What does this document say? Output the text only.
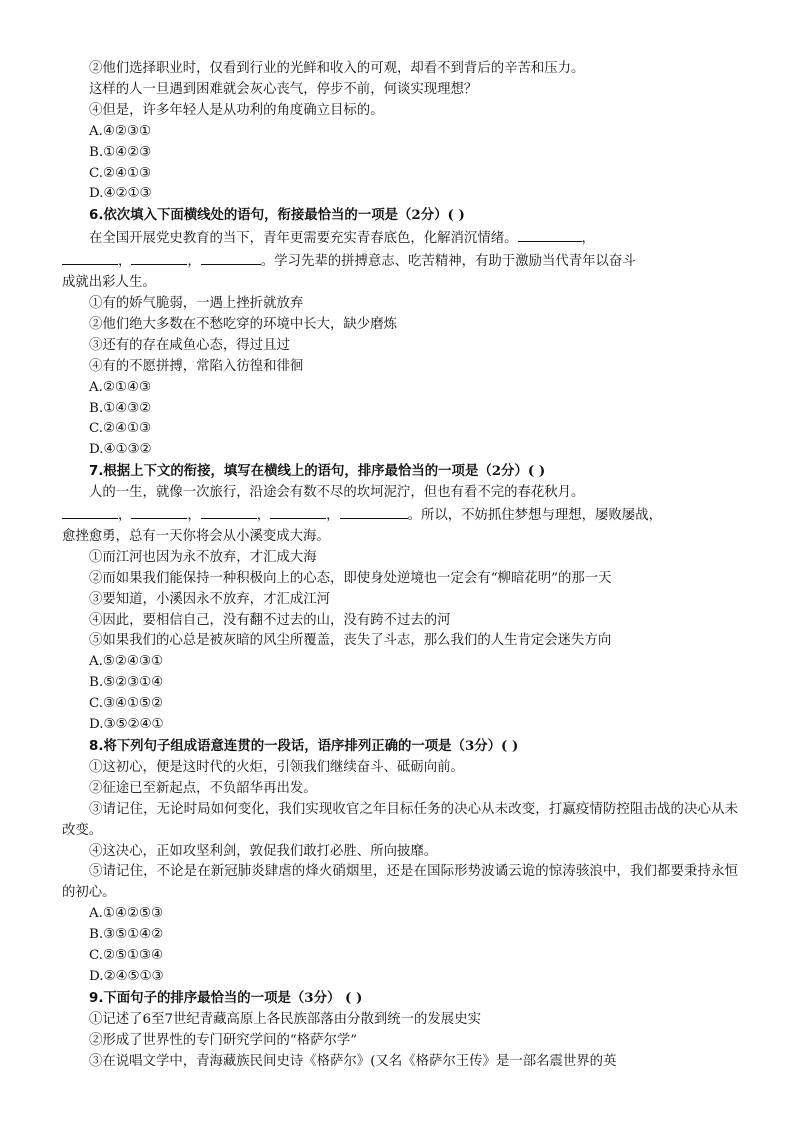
②他们选择职业时，仅看到行业的光鲜和收入的可观，却看不到背后的辛苦和压力。
这样的人一旦遇到困难就会灰心丧气，停步不前，何谈实现理想？
④但是，许多年轻人是从功利的角度确立目标的。
A.④②③①
B.①④②③
C.②④①③
D.④②①③
6.依次填入下面横线处的语句，衔接最恰当的一项是（2分）( )
在全国开展党史教育的当下，青年更需要充实青春底色，化解消沉情绪。	，
，	，	。学习先辈的拼搏意志、吃苦精神，有助于激励当代青年以奋斗
成就出彩人生。
①有的娇气脆弱，一遇上挫折就放弃
②他们绝大多数在不愁吃穿的环境中长大，缺少磨炼
③还有的存在咸鱼心态，得过且过
④有的不愿拼搏，常陷入彷徨和徘徊
A.②①④③
B.①④③②
C.②④①③
D.④①③②
7.根据上下文的衔接，填写在横线上的语句，排序最恰当的一项是（2分）( )
人的一生，就像一次旅行，沿途会有数不尽的坎坷泥泞，但也有看不完的春花秋月。
，	，	，	，	。所以，不妨抓住梦想与理想，屡败屡战，
愈挫愈勇，总有一天你将会从小溪变成大海。
①而江河也因为永不放弃，才汇成大海
②而如果我们能保持一种积极向上的心态，即使身处逆境也一定会有“柳暗花明”的那一天
③要知道，小溪因永不放弃，才汇成江河
④因此，要相信自己，没有翻不过去的山，没有跨不过去的河
⑤如果我们的心总是被灰暗的风尘所覆盖，丧失了斗志，那么我们的人生肯定会迷失方向
A.⑤②④③①
B.⑤②③①④
C.③④①⑤②
D.③⑤②④①
8.将下列句子组成语意连贯的一段话，语序排列正确的一项是（3分）( )
①这初心，便是这时代的火炬，引领我们继续奋斗、砥砺向前。
②征途已至新起点，不负韶华再出发。
③请记住，无论时局如何变化，我们实现收官之年目标任务的决心从未改变，打赢疫情防控阻击战的决心从未改变。
④这决心，正如攻坚利剑，敦促我们敢打必胜、所向披靡。
⑤请记住，不论是在新冠肺炎肆虐的烽火硝烟里，还是在国际形势波谲云诡的惊涛骇浪中，我们都要秉持永恒的初心。
A.①④②⑤③
B.③⑤①④②
C.②⑤①③④
D.②④⑤①③
9.下面句子的排序最恰当的一项是（3分） ( )
①记述了6至7世纪青藏高原上各民族部落由分散到统一的发展史实
②形成了世界性的专门研究学问的“格萨尔学”
③在说唱文学中，青海藏族民间史诗《格萨尔》(又名《格萨尔王传》是一部名震世界的英
